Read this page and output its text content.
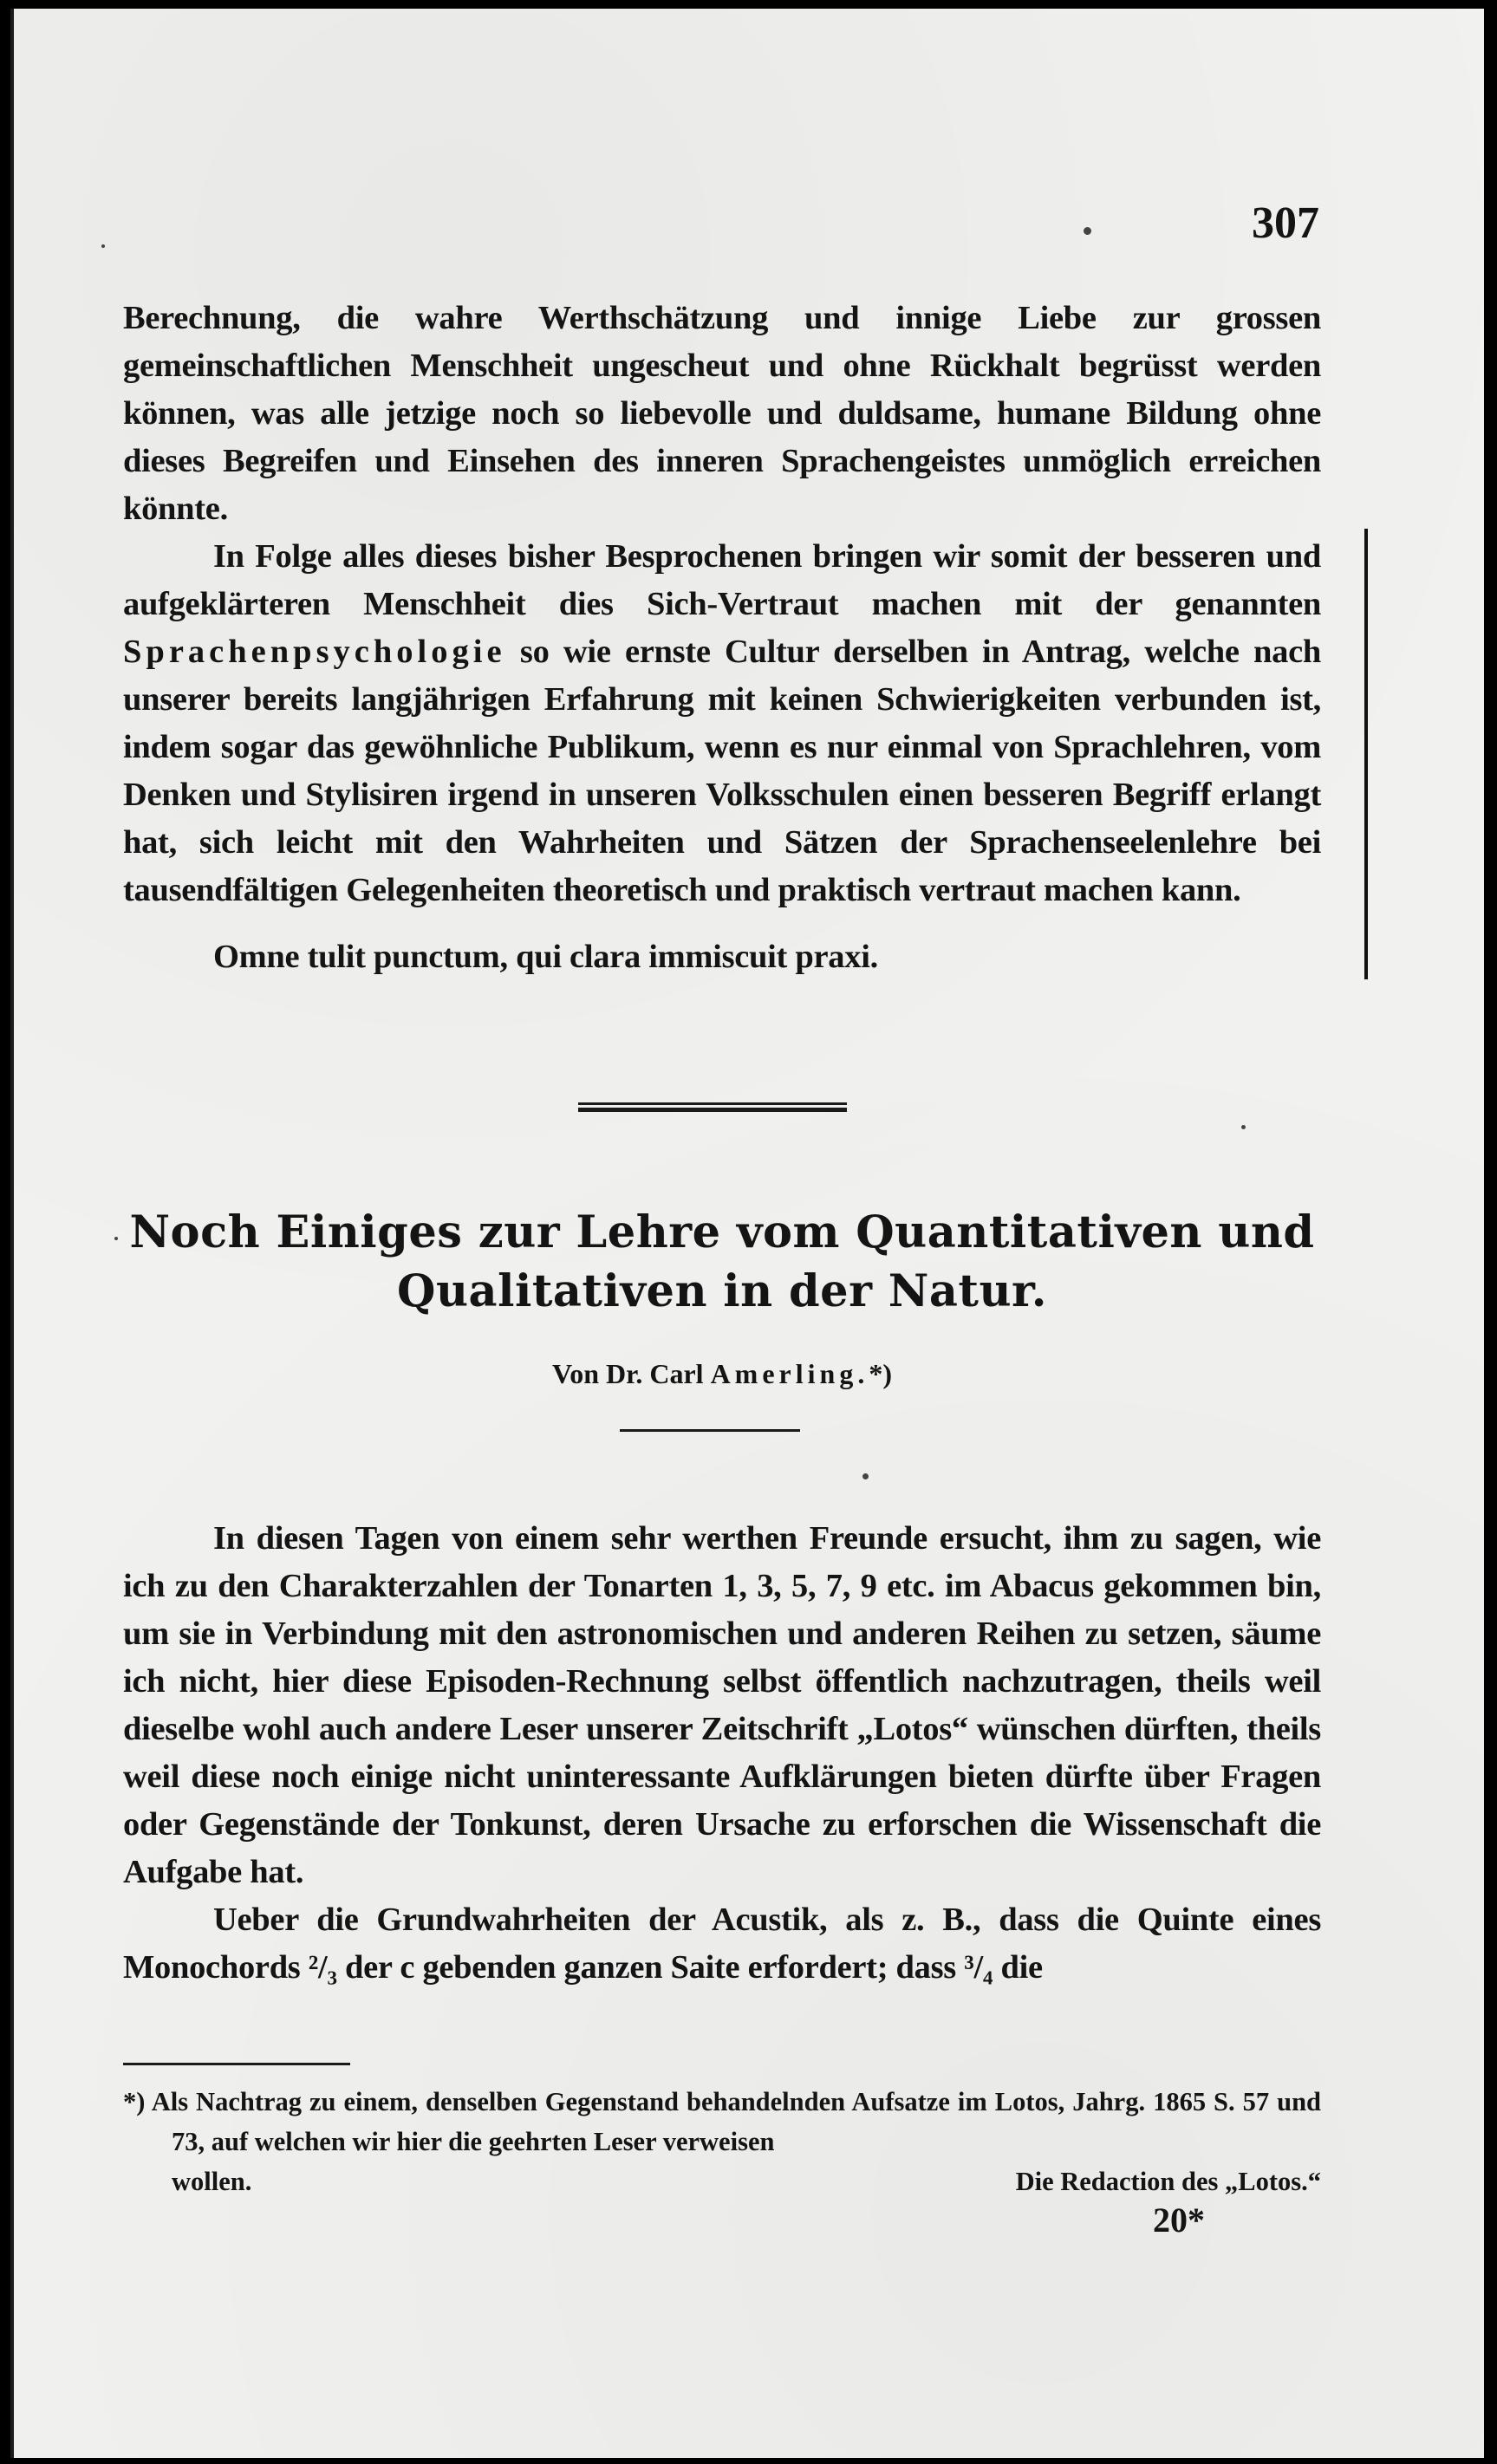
307

Berechnung, die wahre Werthschätzung und innige Liebe zur grossen gemeinschaftlichen Menschheit ungescheut und ohne Rückhalt begrüsst werden können, was alle jetzige noch so liebevolle und duldsame, humane Bildung ohne dieses Begreifen und Einsehen des inneren Sprachengeistes unmöglich erreichen könnte.

In Folge alles dieses bisher Besprochenen bringen wir somit der besseren und aufgeklärteren Menschheit dies Sich-Vertraut machen mit der genannten Sprachenpsychologie so wie ernste Cultur derselben in Antrag, welche nach unserer bereits langjährigen Erfahrung mit keinen Schwierigkeiten verbunden ist, indem sogar das gewöhnliche Publikum, wenn es nur einmal von Sprachlehren, vom Denken und Stylisiren irgend in unseren Volksschulen einen besseren Begriff erlangt hat, sich leicht mit den Wahrheiten und Sätzen der Sprachenseelenlehre bei tausendfältigen Gelegenheiten theoretisch und praktisch vertraut machen kann.

Omne tulit punctum, qui clara immiscuit praxi.

Noch Einiges zur Lehre vom Quantitativen und
Qualitativen in der Natur.
Von Dr. Carl Amerling.*)

In diesen Tagen von einem sehr werthen Freunde ersucht, ihm zu sagen, wie ich zu den Charakterzahlen der Tonarten 1, 3, 5, 7, 9 etc. im Abacus gekommen bin, um sie in Verbindung mit den astronomischen und anderen Reihen zu setzen, säume ich nicht, hier diese Episoden-Rechnung selbst öffentlich nachzutragen, theils weil dieselbe wohl auch andere Leser unserer Zeitschrift „Lotos“ wünschen dürften, theils weil diese noch einige nicht uninteressante Aufklärungen bieten dürfte über Fragen oder Gegenstände der Tonkunst, deren Ursache zu erforschen die Wissenschaft die Aufgabe hat.

Ueber die Grundwahrheiten der Acustik, als z. B., dass die Quinte eines Monochords ²/₃ der c gebenden ganzen Saite erfordert; dass ³/₄ die

*) Als Nachtrag zu einem, denselben Gegenstand behandelnden Aufsatze im Lotos, Jahrg. 1865 S. 57 und 73, auf welchen wir hier die geehrten Leser verweisen

wollen.	Die Redaction des „Lotos.“
20*
